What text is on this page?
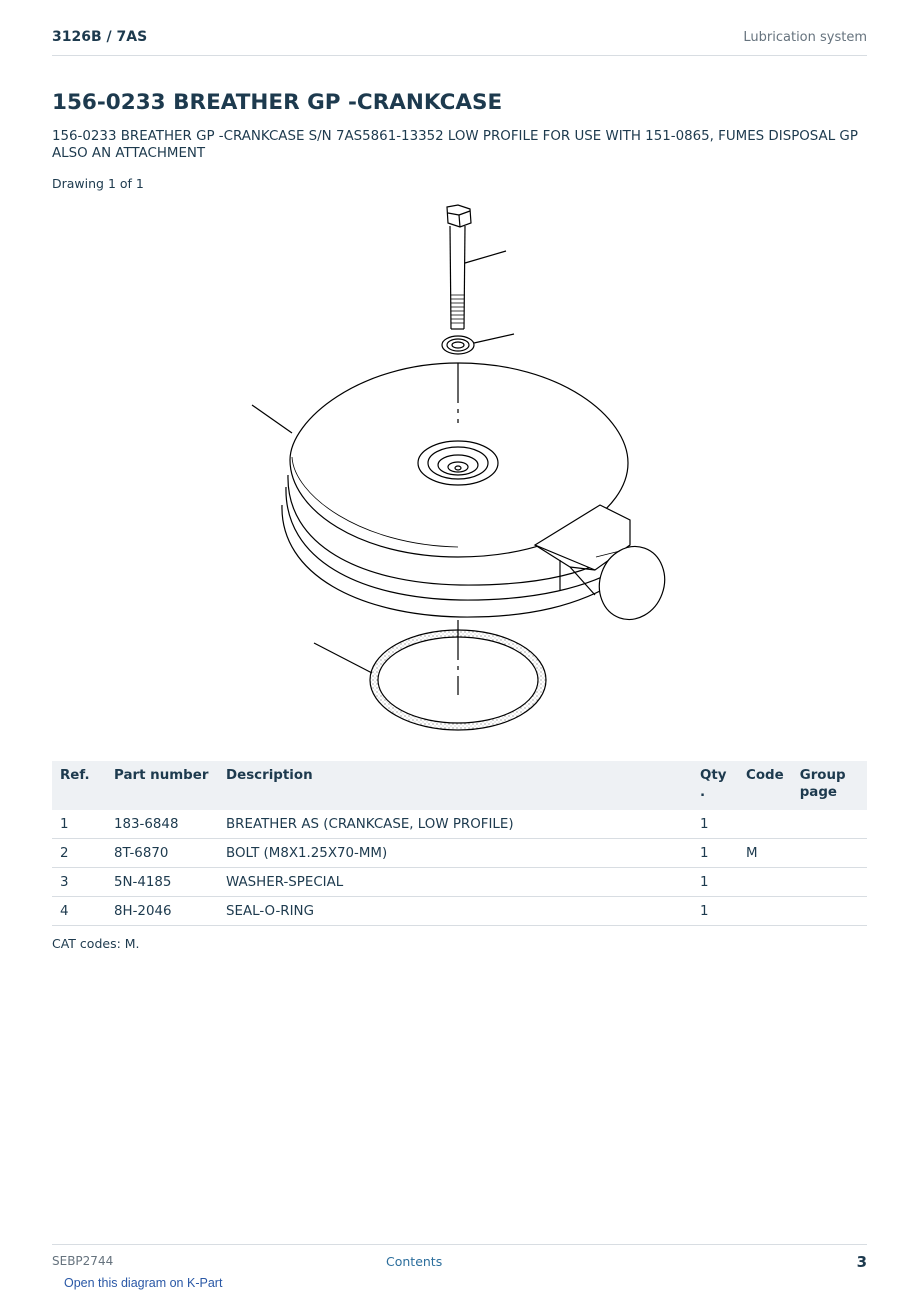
3126B / 7AS	Lubrication system
156-0233 BREATHER GP -CRANKCASE
156-0233 BREATHER GP -CRANKCASE S/N 7AS5861-13352 LOW PROFILE FOR USE WITH 151-0865, FUMES DISPOSAL GP ALSO AN ATTACHMENT
Drawing 1 of 1
Ref.	Part number	Description	Qty .	Code	Group page
1	183-6848	BREATHER AS (CRANKCASE, LOW PROFILE)	1		
2	8T-6870	BOLT (M8X1.25X70-MM)	1	M	
3	5N-4185	WASHER-SPECIAL	1		
4	8H-2046	SEAL-O-RING	1		
CAT codes: M.
SEBP2744	Contents	3
Open this diagram on K-Part
